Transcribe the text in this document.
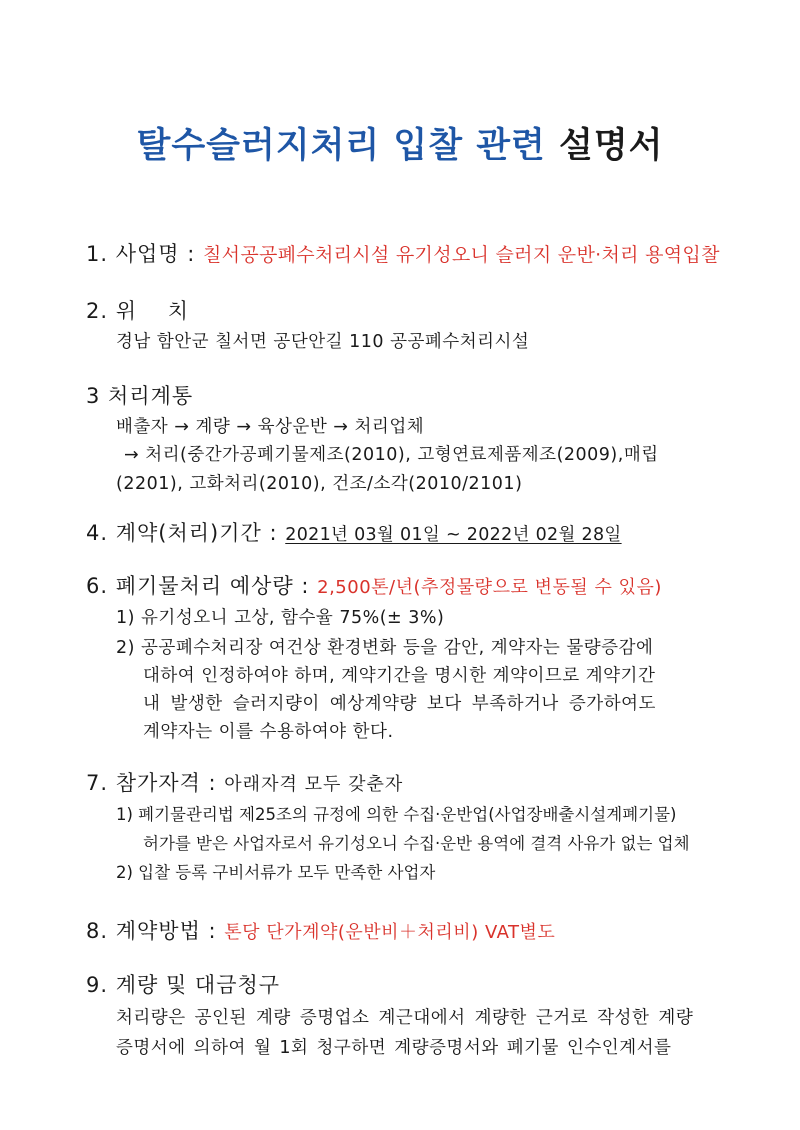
탈수슬러지처리 입찰 관련 설명서
1. 사업명 : 칠서공공폐수처리시설 유기성오니 슬러지 운반·처리 용역입찰
2. 위    치
경남 함안군 칠서면 공단안길 110 공공폐수처리시설
3 처리계통
배출자 → 계량 → 육상운반 → 처리업체
→ 처리(중간가공폐기물제조(2010), 고형연료제품제조(2009),매립
(2201), 고화처리(2010), 건조/소각(2010/2101)
4. 계약(처리)기간 : 2021년 03월 01일 ~ 2022년 02월 28일
6. 폐기물처리 예상량 : 2,500톤/년(추정물량으로 변동될 수 있음)
1) 유기성오니 고상, 함수율 75%(± 3%)
2) 공공폐수처리장 여건상 환경변화 등을 감안, 계약자는 물량증감에
대하여 인정하여야 하며, 계약기간을 명시한 계약이므로 계약기간
내 발생한 슬러지량이 예상계약량 보다 부족하거나 증가하여도
계약자는 이를 수용하여야 한다.
7. 참가자격 : 아래자격 모두 갖춘자
1) 폐기물관리법 제25조의 규정에 의한 수집·운반업(사업장배출시설계폐기물)
허가를 받은 사업자로서 유기성오니 수집·운반 용역에 결격 사유가 없는 업체
2) 입찰 등록 구비서류가 모두 만족한 사업자
8. 계약방법 : 톤당 단가계약(운반비＋처리비) VAT별도
9. 계량 및 대금청구
처리량은 공인된 계량 증명업소 계근대에서 계량한 근거로 작성한 계량
증명서에 의하여 월 1회 청구하면 계량증명서와 폐기물 인수인계서를
